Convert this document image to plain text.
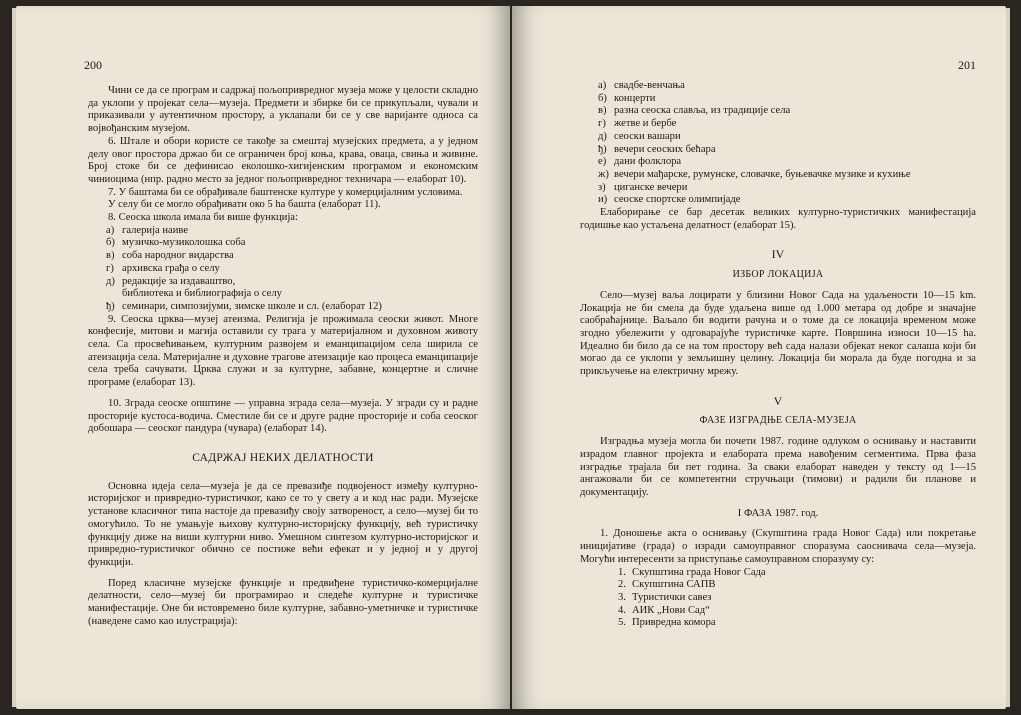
200

Чини се да се програм и садржај пољопривредног музеја може у целости складно да уклопи у пројекат села—музеја. Предмети и збирке би се прикупљали, чували и приказивали у аутентичном простору, а уклапали би се у све варијанте односа са војвођанским музејом.

6. Штале и обори користе се такође за смештај музејских предмета, а у једном делу овог простора држао би се ограничен број коња, крава, оваца, свиња и живине. Број стоке би се дефинисао еколошко-хигијенским програмом и економским чиниоцима (нпр. радно место за једног пољопривредног техничара — елаборат 10).

7. У баштама би се обрађивале баштенске културе у комерцијалним условима.

У селу би се могло обрађивати око 5 ha башта (елаборат 11).

8. Сеоска школа имала би више функција:

а) галерија наиве
б) музичко-музиколошка соба
в) соба народног видарства
г) архивска грађа о селу
д) редакције за издаваштво,
библиотека и библиографија о селу
ђ) семинари, симпозијуми, зимске школе и сл. (елаборат 12)

9. Сеоска црква—музеј атеизма. Религија је прожимала сеоски живот. Многе конфесије, митови и магија оставили су трага у материјалном и духовном животу села. Са просвећивањем, културним развојем и еманципацијом села ширила се атеизација села. Материјалне и духовне трагове атеизације као процеса еманципације села треба сачувати. Црква служи и за културне, забавне, концертне и сличне програме (елаборат 13).

10. Зграда сеоске општине — управна зграда села—музеја. У згради су и радне просторије кустоса-водича. Сместиле би се и друге радне просторије и соба сеоског добошара — сеоског пандура (чувара) (елаборат 14).

САДРЖАЈ НЕКИХ ДЕЛАТНОСТИ

Основна идеја села—музеја је да се превазиђе подвојеност између културно-историјског и привредно-туристичког, како се то у свету а и код нас ради. Музејске установе класичног типа настоје да превазиђу своју затвореност, а село—музеј би то омогућило. То не умањује њихову културно-историјску функцију, већ туристичку функцију диже на виши културни ниво. Умешном синтезом културно-историјског и привредно-туристичког обично се постиже већи ефекат и у једној и у другој функцији.

Поред класичне музејске функције и предвиђене туристичко-комерцијалне делатности, село—музеј би програмирао и следеће културне и туристичке манифестације. Оне би истовремено биле културне, забавно-уметничке и туристичке (наведене само као илустрација):

201
а) свадбе-венчања
б) концерти
в) разна сеоска славља, из традиције села
г) жетве и бербе
д) сеоски вашари
ђ) вечери сеоских бећара
е) дани фолклора
ж) вечери мађарске, румунске, словачке, буњевачке музике и кухиње
з) циганске вечери
и) сеоске спортске олимпијаде

Елаборирање се бар десетак великих културно-туристичких манифестација годишње као устаљена делатност (елаборат 15).

IV

ИЗБОР ЛОКАЦИЈА

Село—музеј ваља лоцирати у близини Новог Сада на удаљености 10—15 km. Локација не би смела да буде удаљена више од 1.000 метара од добре и значајне саобраћајнице. Ваљало би водити рачуна и о томе да се локација временом може згодно убележити у одговарајуће туристичке карте. Површина износи 10—15 ha. Идеално би било да се на том простору већ сада налази објекат неког салаша који би могао да се уклопи у земљишну целину. Локација би морала да буде погодна и за прикључење на електричну мрежу.

V

ФАЗЕ ИЗГРАДЊЕ СЕЛА-МУЗЕЈА

Изградња музеја могла би почети 1987. године одлуком о оснивању и наставити израдом главног пројекта и елабората према навођеним сегментима. Прва фаза изградње трајала би пет година. За сваки елаборат наведен у тексту од 1—15 ангажовали би се компетентни стручњаци (тимови) и радили би планове и документацију.

I ФАЗА 1987. год.

1. Доношење акта о оснивању (Скупштина града Новог Сада) или покретање иницијативе (града) о изради самоуправног споразума саоснивача села—музеја. Могући интересенти за приступање самоуправном споразуму су:

1. Скупштина града Новог Сада
2. Скупштина САПВ
3. Туристички савез
4. АИК „Нови Сад“
5. Привредна комора
